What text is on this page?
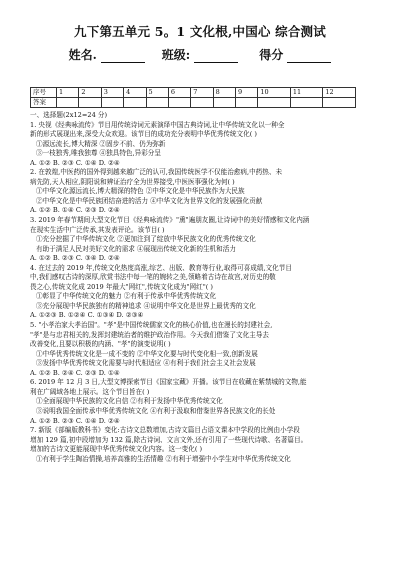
九下第五单元 5。1 文化根,中国心 综合测试
姓名.	班级:	得分
序号	1	2	3	4	5	6	7	8	9	10	11	12
答案												

一、选择题(2x12=24 分)

1. 央视《经典咏流传》节目用传统诗词元素演绎中国古典诗词,让中华传统文化以一种全

新的形式展现出来,深受大众欢迎。该节目的成功充分表明中华优秀传统文化( )

①源远流长,博大精深 ②固步不前、仍为弥新

③一枝独秀,唯我独尊 ④独具特色,异彩分呈

A. ①② B. ②③ C. ①④ D. ②④

2. 在敦煌,中医药的国外得到越来越广泛的认可,我国传统医学不仅能治愈病,中药热、未

病先防,天人相应,阴阳说和辨证治疗全为世界接受,中医医事强化为何( )

①中华文化源远流长,博大精深的特色 ②中华文化是中华民族作为大民族

②中华文化是中华民族团结奋进的活力 ④中华文化为世界文化的发展强化贡献

A. ①② B. ①④ C. ②③ D. ②④

3. 2019 年春节期间大型文化节目《经典咏流传》"熏"遍朋友圈,让诗词中的美好情感和文化内涵

在现实生活中广泛传承,其发表评论。该节目( )

①充分挖掘了中华传统文化 ②更加注到了绽放中华民族文化的优秀传统文化

有助于满足人民对美好文化的需求 ④展现出传统文化新的生机和活力

A. ①② B. ②③ C. ③④ D. ②④

4. 在过去的 2019 年,传统文化热度高涨,综艺、出版、教育等行业,取得可喜成绩,文化节目

中,我们感叹古诗的深厚,欣赏书法中每一笔的婉转之美,领略着古诗在故宫,对历史的敬

畏之心,传统文化成 2019 年最大"网红",传统文化成为"网红"( )

①彰显了中华传统文化的魅力 ②有利于传承中华优秀传统文化

③充分展现中华民族独有的精神追求 ④说明中华文化是世界上最优秀的文化

A. ①②③ B. ①②④ C. ①③④ D. ②③④

5. "小孝治家大孝治国"。"孝"是中国传统儒家文化的核心价值,也在漫长的封建社会,

"孝"是与忠君相关的,发挥封建统治者的维护政治作用。今天我们借鉴了文化主导去

改善变化,且要以积极的内涵、"孝"的演变说明( )

①中华优秀传统文化是一成不变的 ②中华文化要与时代变化相一致,创新发展

③发扬中华优秀传统文化需要与时代相适应 ④有利于我们社会主义社会发展

A. ①② B. ②④ C. ②③ D. ①④

6. 2019 年 12 月 3 日,大型文博探索节目《国家宝藏》开播。该节目在收藏在紫禁城的文物,能

利在广阔域各地上展示。这个节目旨在( )

①全面展现中华民族的文化自信 ②有利于发扬中华优秀传统文化

③说明我国全面传承中华优秀传统文化 ④有利于汲取和借鉴世界各民族文化的长处

A. ①② B. ②③ C. ①④ D. ②④

7. 新版《部编版教科书》变化:古诗文总数增加,古诗文篇目占语文课本中学段的比例由小学段

增加 129 篇,初中段增加为 132 篇,除古诗词、文言文外,还有引用了一些现代诗歌、名著篇目。

增加的古诗文更能展现中华优秀传统文化内容。这一变化( )

①有利于学生陶冶情操,培养高雅的生活情趣 ②有利于增强中小学生对中华优秀传统文化
